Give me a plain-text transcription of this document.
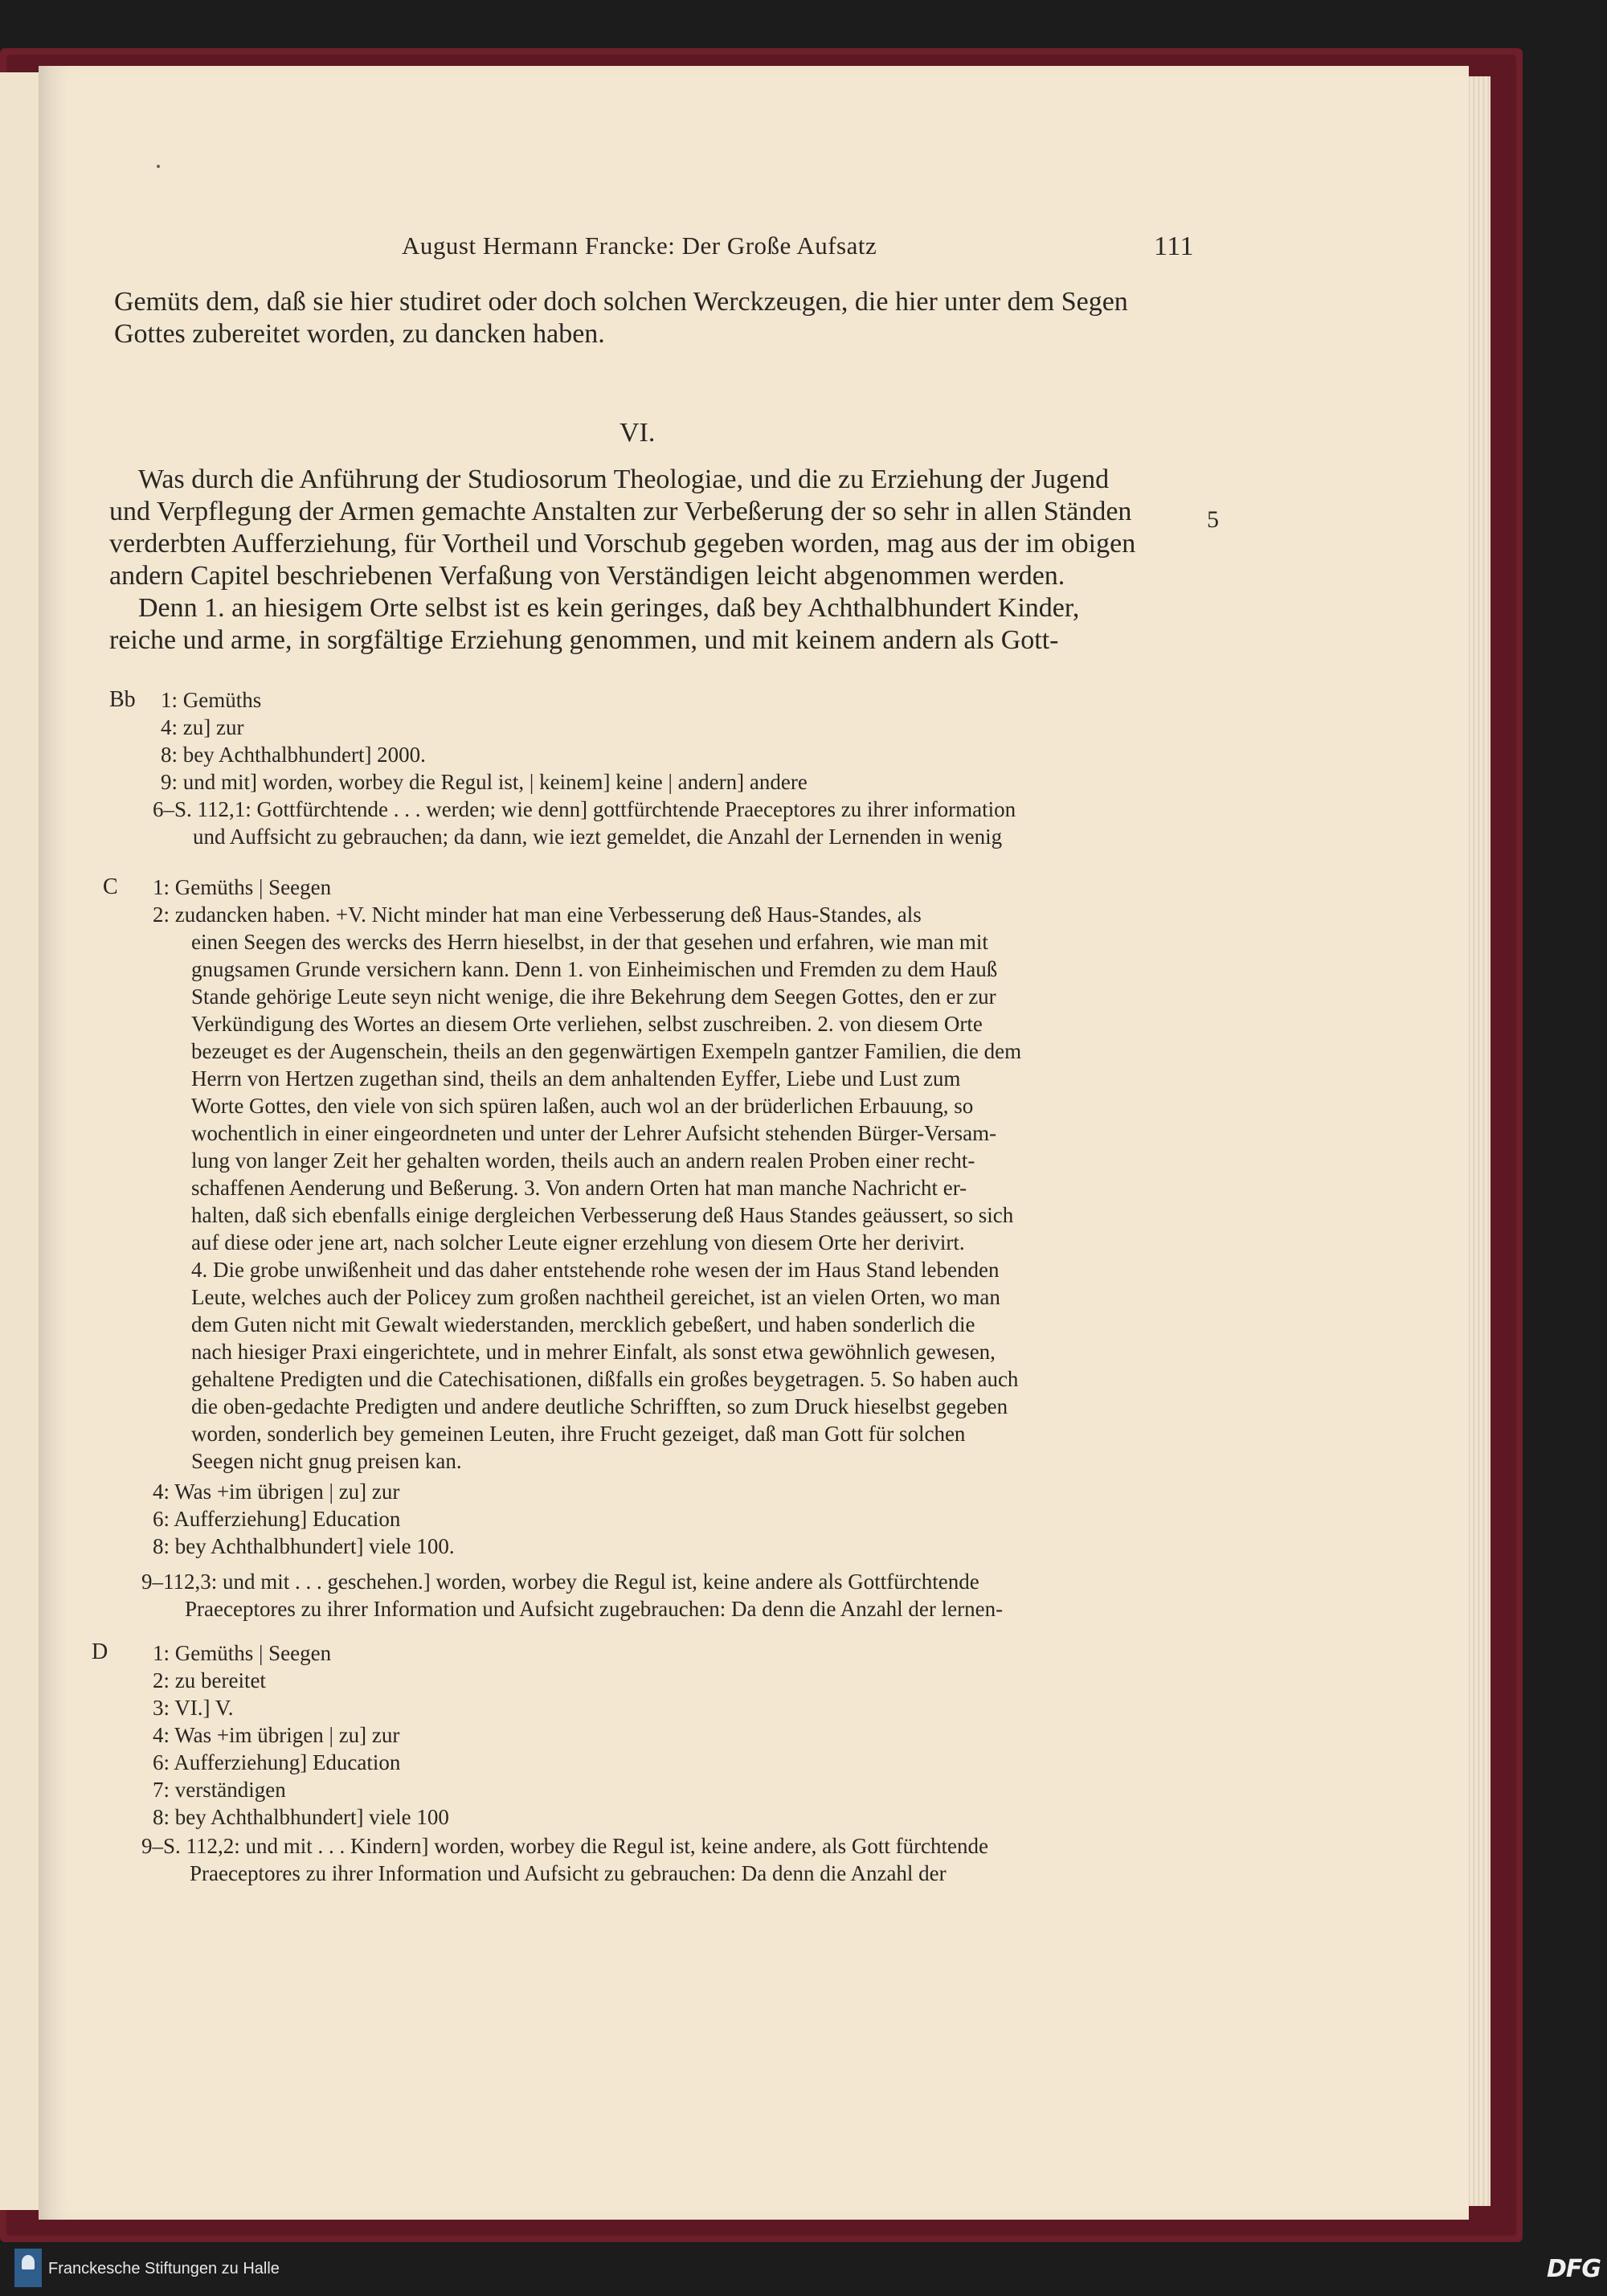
August Hermann Francke: Der Große Aufsatz	111
Gemüts dem, daß sie hier studiret oder doch solchen Werckzeugen, die hier unter dem Segen
Gottes zubereitet worden, zu dancken haben.
VI.
Was durch die Anführung der Studiosorum Theologiae, und die zu Erziehung der Jugend
und Verpflegung der Armen gemachte Anstalten zur Verbeßerung der so sehr in allen Ständen
verderbten Aufferziehung, für Vortheil und Vorschub gegeben worden, mag aus der im obigen
andern Capitel beschriebenen Verfaßung von Verständigen leicht abgenommen werden.
Denn 1. an hiesigem Orte selbst ist es kein geringes, daß bey Achthalbhundert Kinder,
reiche und arme, in sorgfältige Erziehung genommen, und mit keinem andern als Gott-
5
Bb 1: Gemüths
4: zu] zur
8: bey Achthalbhundert] 2000.
9: und mit] worden, worbey die Regul ist, | keinem] keine | andern] andere
6–S. 112,1: Gottfürchtende . . . werden; wie denn] gottfürchtende Praeceptores zu ihrer information
und Auffsicht zu gebrauchen; da dann, wie iezt gemeldet, die Anzahl der Lernenden in wenig
C 1: Gemüths | Seegen
2: zudancken haben. +V. Nicht minder hat man eine Verbesserung deß Haus-Standes, als
einen Seegen des wercks des Herrn hieselbst, in der that gesehen und erfahren, wie man mit
gnugsamen Grunde versichern kann. Denn 1. von Einheimischen und Fremden zu dem Hauß
Stande gehörige Leute seyn nicht wenige, die ihre Bekehrung dem Seegen Gottes, den er zur
Verkündigung des Wortes an diesem Orte verliehen, selbst zuschreiben. 2. von diesem Orte
bezeuget es der Augenschein, theils an den gegenwärtigen Exempeln gantzer Familien, die dem
Herrn von Hertzen zugethan sind, theils an dem anhaltenden Eyffer, Liebe und Lust zum
Worte Gottes, den viele von sich spüren laßen, auch wol an der brüderlichen Erbauung, so
wochentlich in einer eingeordneten und unter der Lehrer Aufsicht stehenden Bürger-Versam-
lung von langer Zeit her gehalten worden, theils auch an andern realen Proben einer recht-
schaffenen Aenderung und Beßerung. 3. Von andern Orten hat man manche Nachricht er-
halten, daß sich ebenfalls einige dergleichen Verbesserung deß Haus Standes geäussert, so sich
auf diese oder jene art, nach solcher Leute eigner erzehlung von diesem Orte her derivirt.
4. Die grobe unwißenheit und das daher entstehende rohe wesen der im Haus Stand lebenden
Leute, welches auch der Policey zum großen nachtheil gereichet, ist an vielen Orten, wo man
dem Guten nicht mit Gewalt wiederstanden, mercklich gebeßert, und haben sonderlich die
nach hiesiger Praxi eingerichtete, und in mehrer Einfalt, als sonst etwa gewöhnlich gewesen,
gehaltene Predigten und die Catechisationen, dißfalls ein großes beygetragen. 5. So haben auch
die oben-gedachte Predigten und andere deutliche Schrifften, so zum Druck hieselbst gegeben
worden, sonderlich bey gemeinen Leuten, ihre Frucht gezeiget, daß man Gott für solchen
Seegen nicht gnug preisen kan.
4: Was +im übrigen | zu] zur
6: Aufferziehung] Education
8: bey Achthalbhundert] viele 100.
9–112,3: und mit . . . geschehen.] worden, worbey die Regul ist, keine andere als Gottfürchtende
Praeceptores zu ihrer Information und Aufsicht zugebrauchen: Da denn die Anzahl der lernen-
D 1: Gemüths | Seegen
2: zu bereitet
3: VI.] V.
4: Was +im übrigen | zu] zur
6: Aufferziehung] Education
7: verständigen
8: bey Achthalbhundert] viele 100
9–S. 112,2: und mit . . . Kindern] worden, worbey die Regul ist, keine andere, als Gott fürchtende
Praeceptores zu ihrer Information und Aufsicht zu gebrauchen: Da denn die Anzahl der
Franckesche Stiftungen zu Halle	DFG
